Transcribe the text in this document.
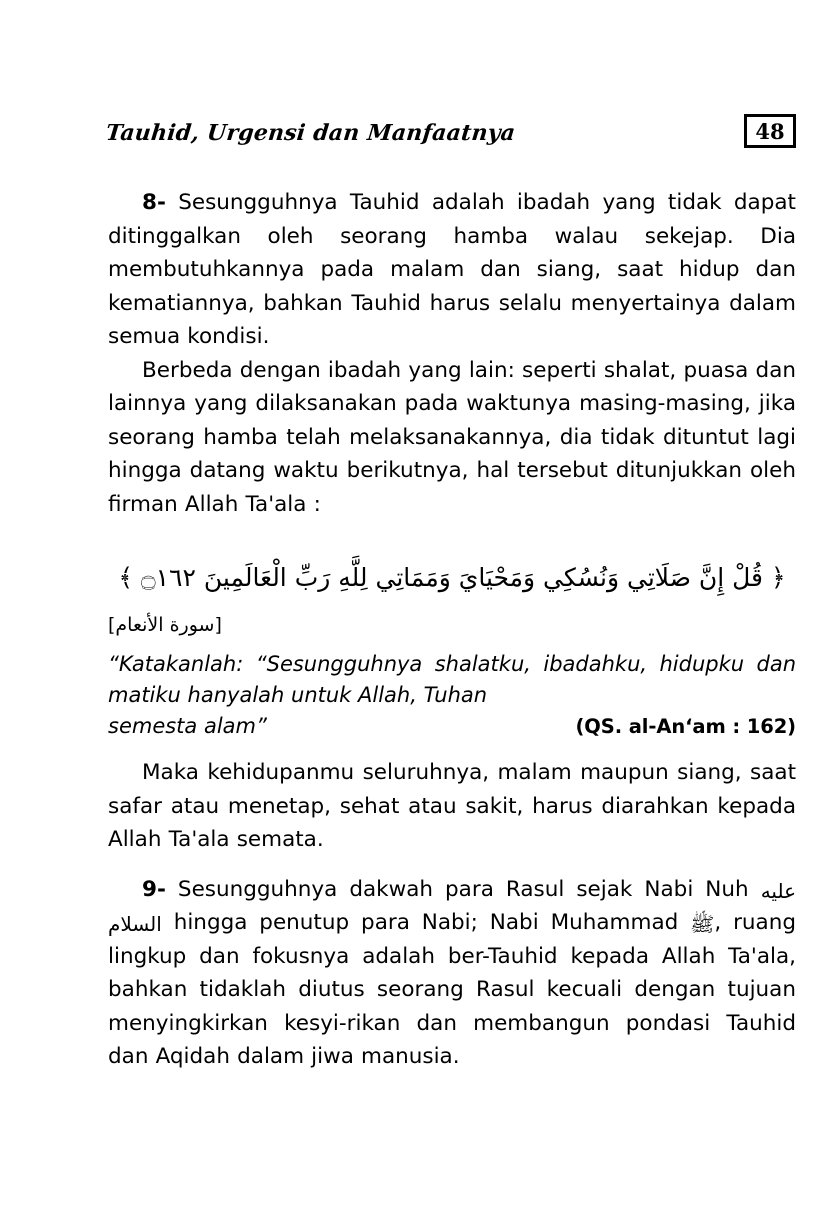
Tauhid, Urgensi dan Manfaatnya	48

8- Sesungguhnya Tauhid adalah ibadah yang tidak dapat ditinggalkan oleh seorang hamba walau sekejap. Dia membutuhkannya pada malam dan siang, saat hidup dan kematiannya, bahkan Tauhid harus selalu menyertainya dalam semua kondisi.

Berbeda dengan ibadah yang lain: seperti shalat, puasa dan lainnya yang dilaksanakan pada waktunya masing-masing, jika seorang hamba telah melaksanakannya, dia tidak dituntut lagi hingga datang waktu berikutnya, hal tersebut ditunjukkan oleh firman Allah Ta'ala :

﴿ قُلْ إِنَّ صَلَاتِي وَنُسُكِي وَمَحْيَايَ وَمَمَاتِي لِلَّهِ رَبِّ الْعَالَمِينَ ۝١٦٢ ﴾
[سورة الأنعام]
“Katakanlah: “Sesungguhnya shalatku, ibadahku, hidupku dan matiku hanyalah untuk Allah, Tuhan
semesta alam”	(QS. al-An‘am : 162)

Maka kehidupanmu seluruhnya, malam maupun siang, saat safar atau menetap, sehat atau sakit, harus diarahkan kepada Allah Ta'ala semata.

9- Sesungguhnya dakwah para Rasul sejak Nabi Nuh عليه السلام hingga penutup para Nabi; Nabi Muhammad ﷺ, ruang lingkup dan fokusnya adalah ber-Tauhid kepada Allah Ta'ala, bahkan tidaklah diutus seorang Rasul kecuali dengan tujuan menyingkirkan kesyi-rikan dan membangun pondasi Tauhid dan Aqidah dalam jiwa manusia.
